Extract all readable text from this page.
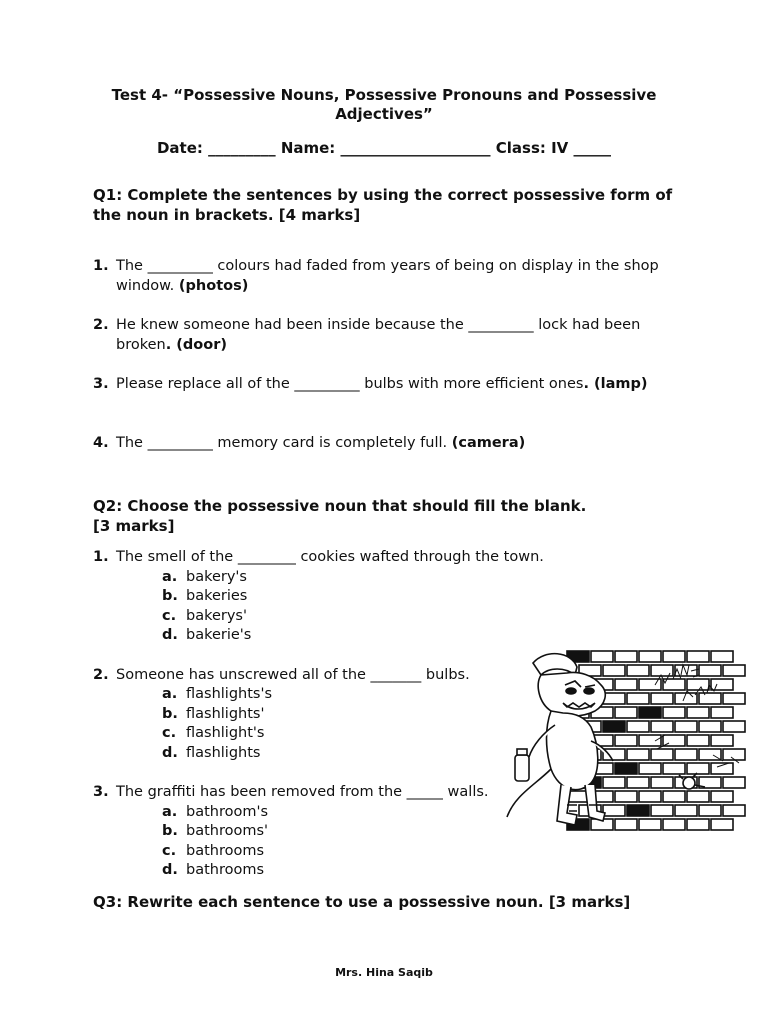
Test 4- “Possessive Nouns, Possessive Pronouns and Possessive Adjectives”
Date: _________ Name: ____________________ Class: IV _____
Q1: Complete the sentences by using the correct possessive form of the noun in brackets. [4 marks]
1. The _________ colours had faded from years of being on display in the shop window. (photos)
2. He knew someone had been inside because the _________ lock had been broken. (door)
3. Please replace all of the _________ bulbs with more efficient ones. (lamp)
4. The _________ memory card is completely full. (camera)
Q2: Choose the possessive noun that should fill the blank.
[3 marks]
1. The smell of the ________ cookies wafted through the town.
a. bakery's
b. bakeries
c. bakerys'
d. bakerie's
2. Someone has unscrewed all of the _______ bulbs.
a. flashlights's
b. flashlights'
c. flashlight's
d. flashlights
3. The graffiti has been removed from the _____ walls.
a. bathroom's
b. bathrooms'
c. bathrooms
d. bathrooms
Q3: Rewrite each sentence to use a possessive noun. [3 marks]
Mrs. Hina Saqib
